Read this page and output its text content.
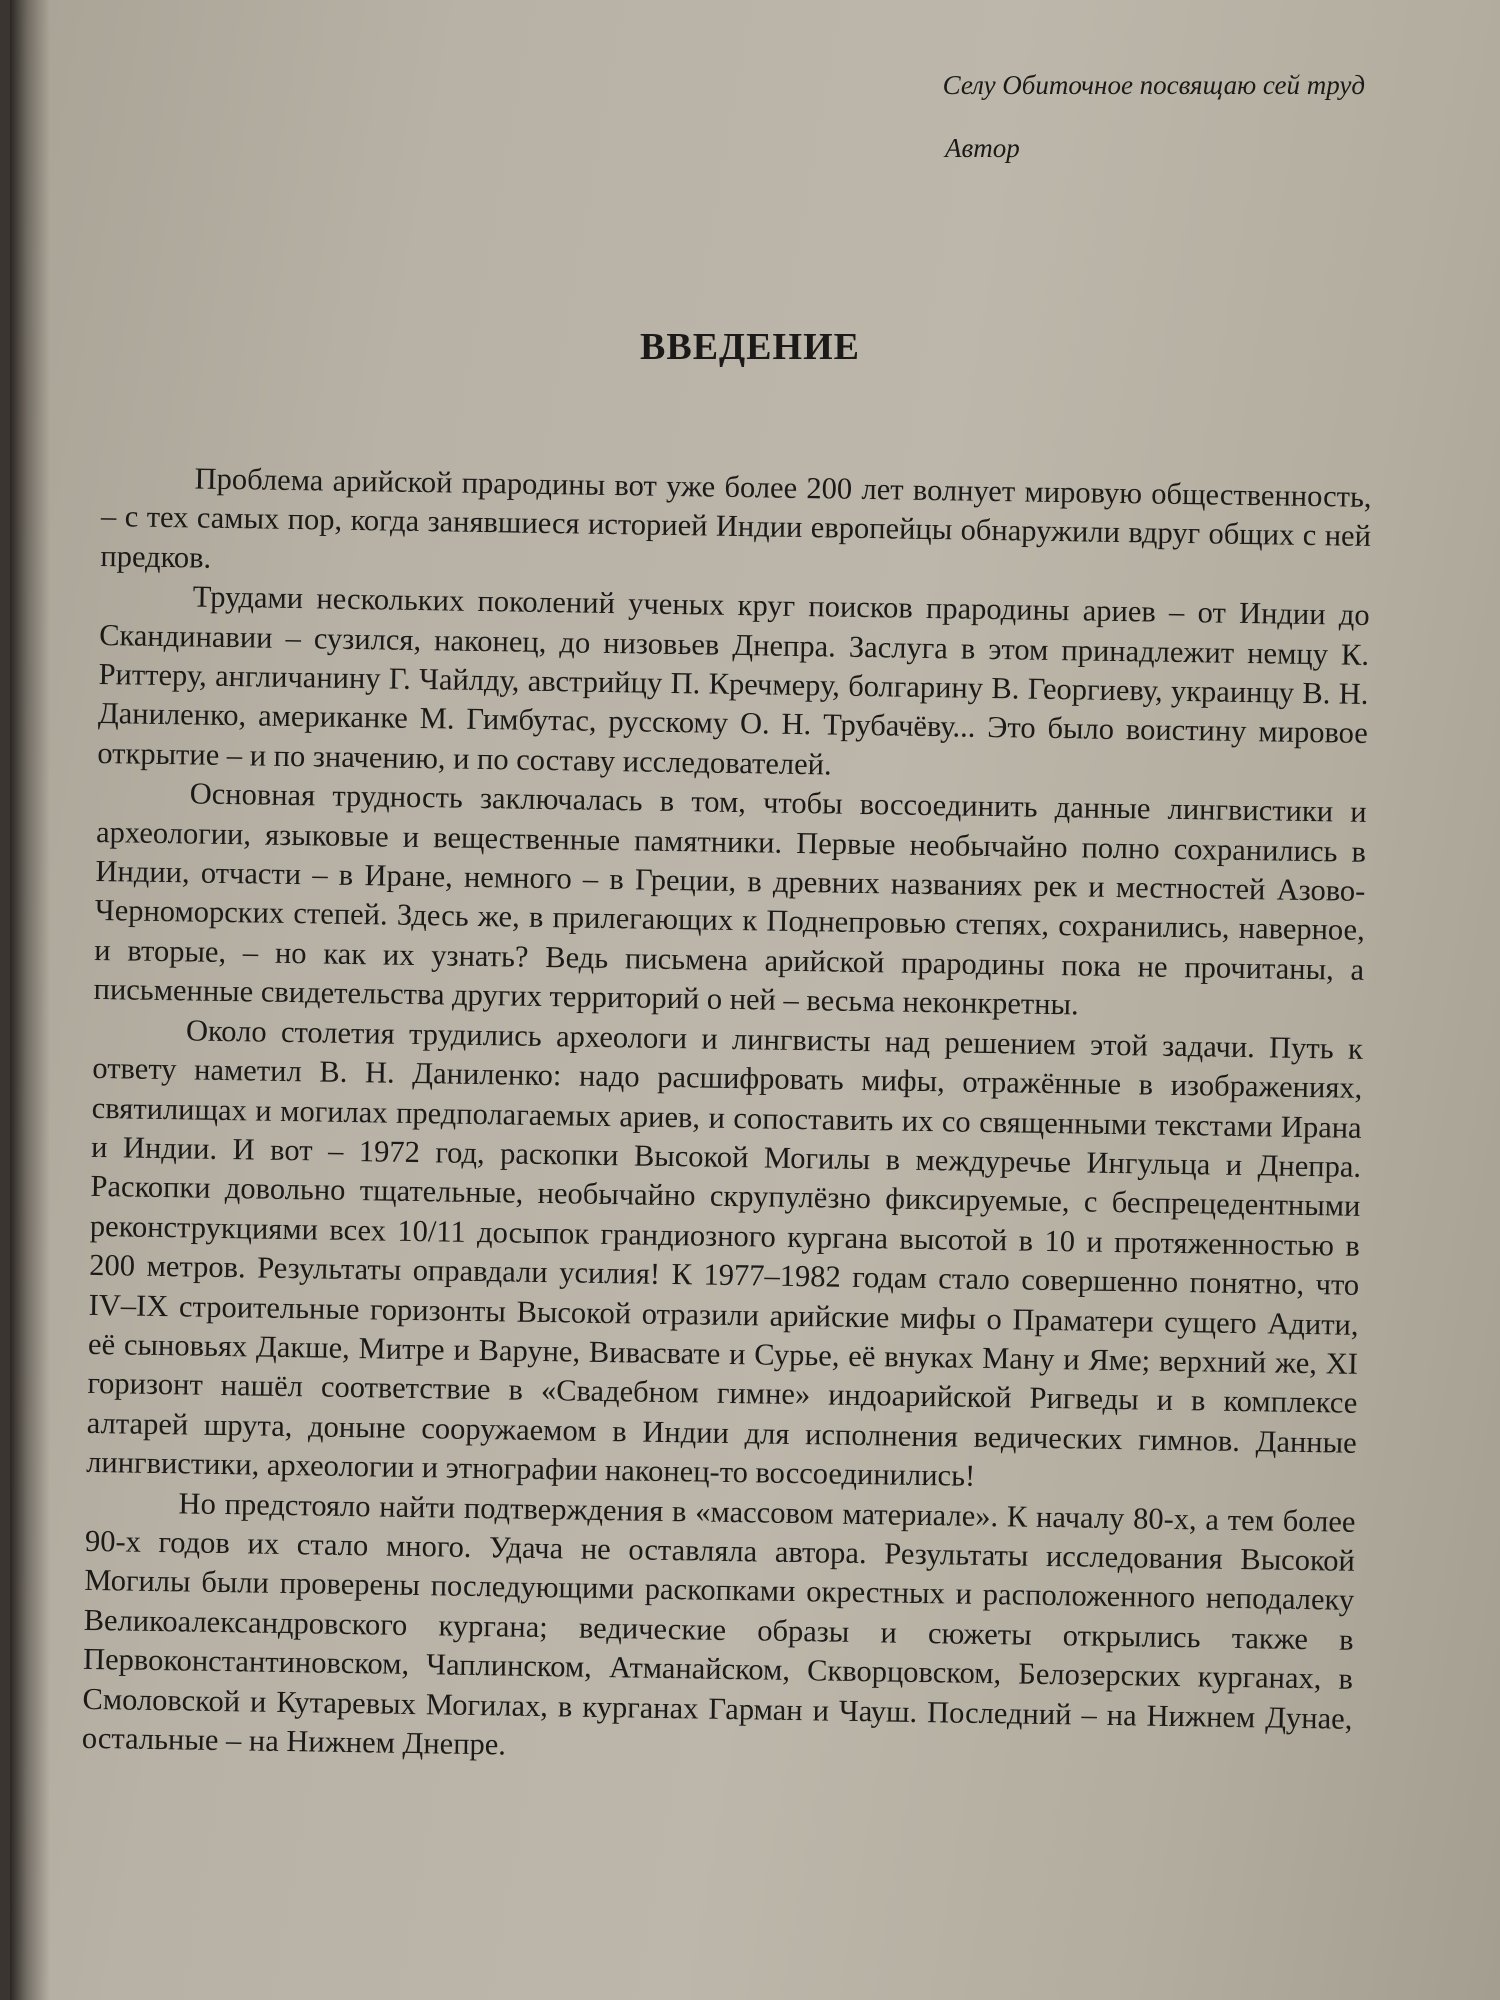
Селу Обиточное посвящаю сей труд
Автор
ВВЕДЕНИЕ

Проблема арийской прародины вот уже более 200 лет волнует мировую общественность, – с тех самых пор, когда занявшиеся историей Индии европейцы обнаружили вдруг общих с ней предков.

Трудами нескольких поколений ученых круг поисков прародины ариев – от Индии до Скандинавии – сузился, наконец, до низовьев Днепра. Заслуга в этом принадлежит немцу К. Риттеру, англичанину Г. Чайлду, австрийцу П. Кречмеру, болгарину В. Георгиеву, украинцу В. Н. Даниленко, американке М. Гимбутас, русскому О. Н. Трубачёву... Это было воистину мировое открытие – и по значению, и по составу исследователей.

Основная трудность заключалась в том, чтобы воссоединить данные лингвистики и археологии, языковые и вещественные памятники. Первые необычайно полно сохранились в Индии, отчасти – в Иране, немного – в Греции, в древних названиях рек и местностей Азово-Черноморских степей. Здесь же, в прилегающих к Поднепровью степях, сохранились, наверное, и вторые, – но как их узнать? Ведь письмена арийской прародины пока не прочитаны, а письменные свидетельства других территорий о ней – весьма неконкретны.

Около столетия трудились археологи и лингвисты над решением этой задачи. Путь к ответу наметил В. Н. Даниленко: надо расшифровать мифы, отражённые в изображениях, святилищах и могилах предполагаемых ариев, и сопоставить их со священными текстами Ирана и Индии. И вот – 1972 год, раскопки Высокой Могилы в междуречье Ингульца и Днепра. Раскопки довольно тщательные, необычайно скрупулёзно фиксируемые, с беспрецедентными реконструкциями всех 10/11 досыпок грандиозного кургана высотой в 10 и протяженностью в 200 метров. Результаты оправдали усилия! К 1977–1982 годам стало совершенно понятно, что IV–IX строительные горизонты Высокой отразили арийские мифы о Праматери сущего Адити, её сыновьях Дакше, Митре и Варуне, Вивасвате и Сурье, её внуках Ману и Яме; верхний же, XI горизонт нашёл соответствие в «Свадебном гимне» индоарийской Ригведы и в комплексе алтарей шрута, доныне сооружаемом в Индии для исполнения ведических гимнов. Данные лингвистики, археологии и этнографии наконец-то воссоединились!

Но предстояло найти подтверждения в «массовом материале». К началу 80-х, а тем более 90-х годов их стало много. Удача не оставляла автора. Результаты исследования Высокой Могилы были проверены последующими раскопками окрестных и расположенного неподалеку Великоалександровского кургана; ведические образы и сюжеты открылись также в Первоконстантиновском, Чаплинском, Атманайском, Скворцовском, Белозерских курганах, в Смоловской и Кутаревых Могилах, в курганах Гарман и Чауш. Последний – на Нижнем Дунае, остальные – на Нижнем Днепре.
